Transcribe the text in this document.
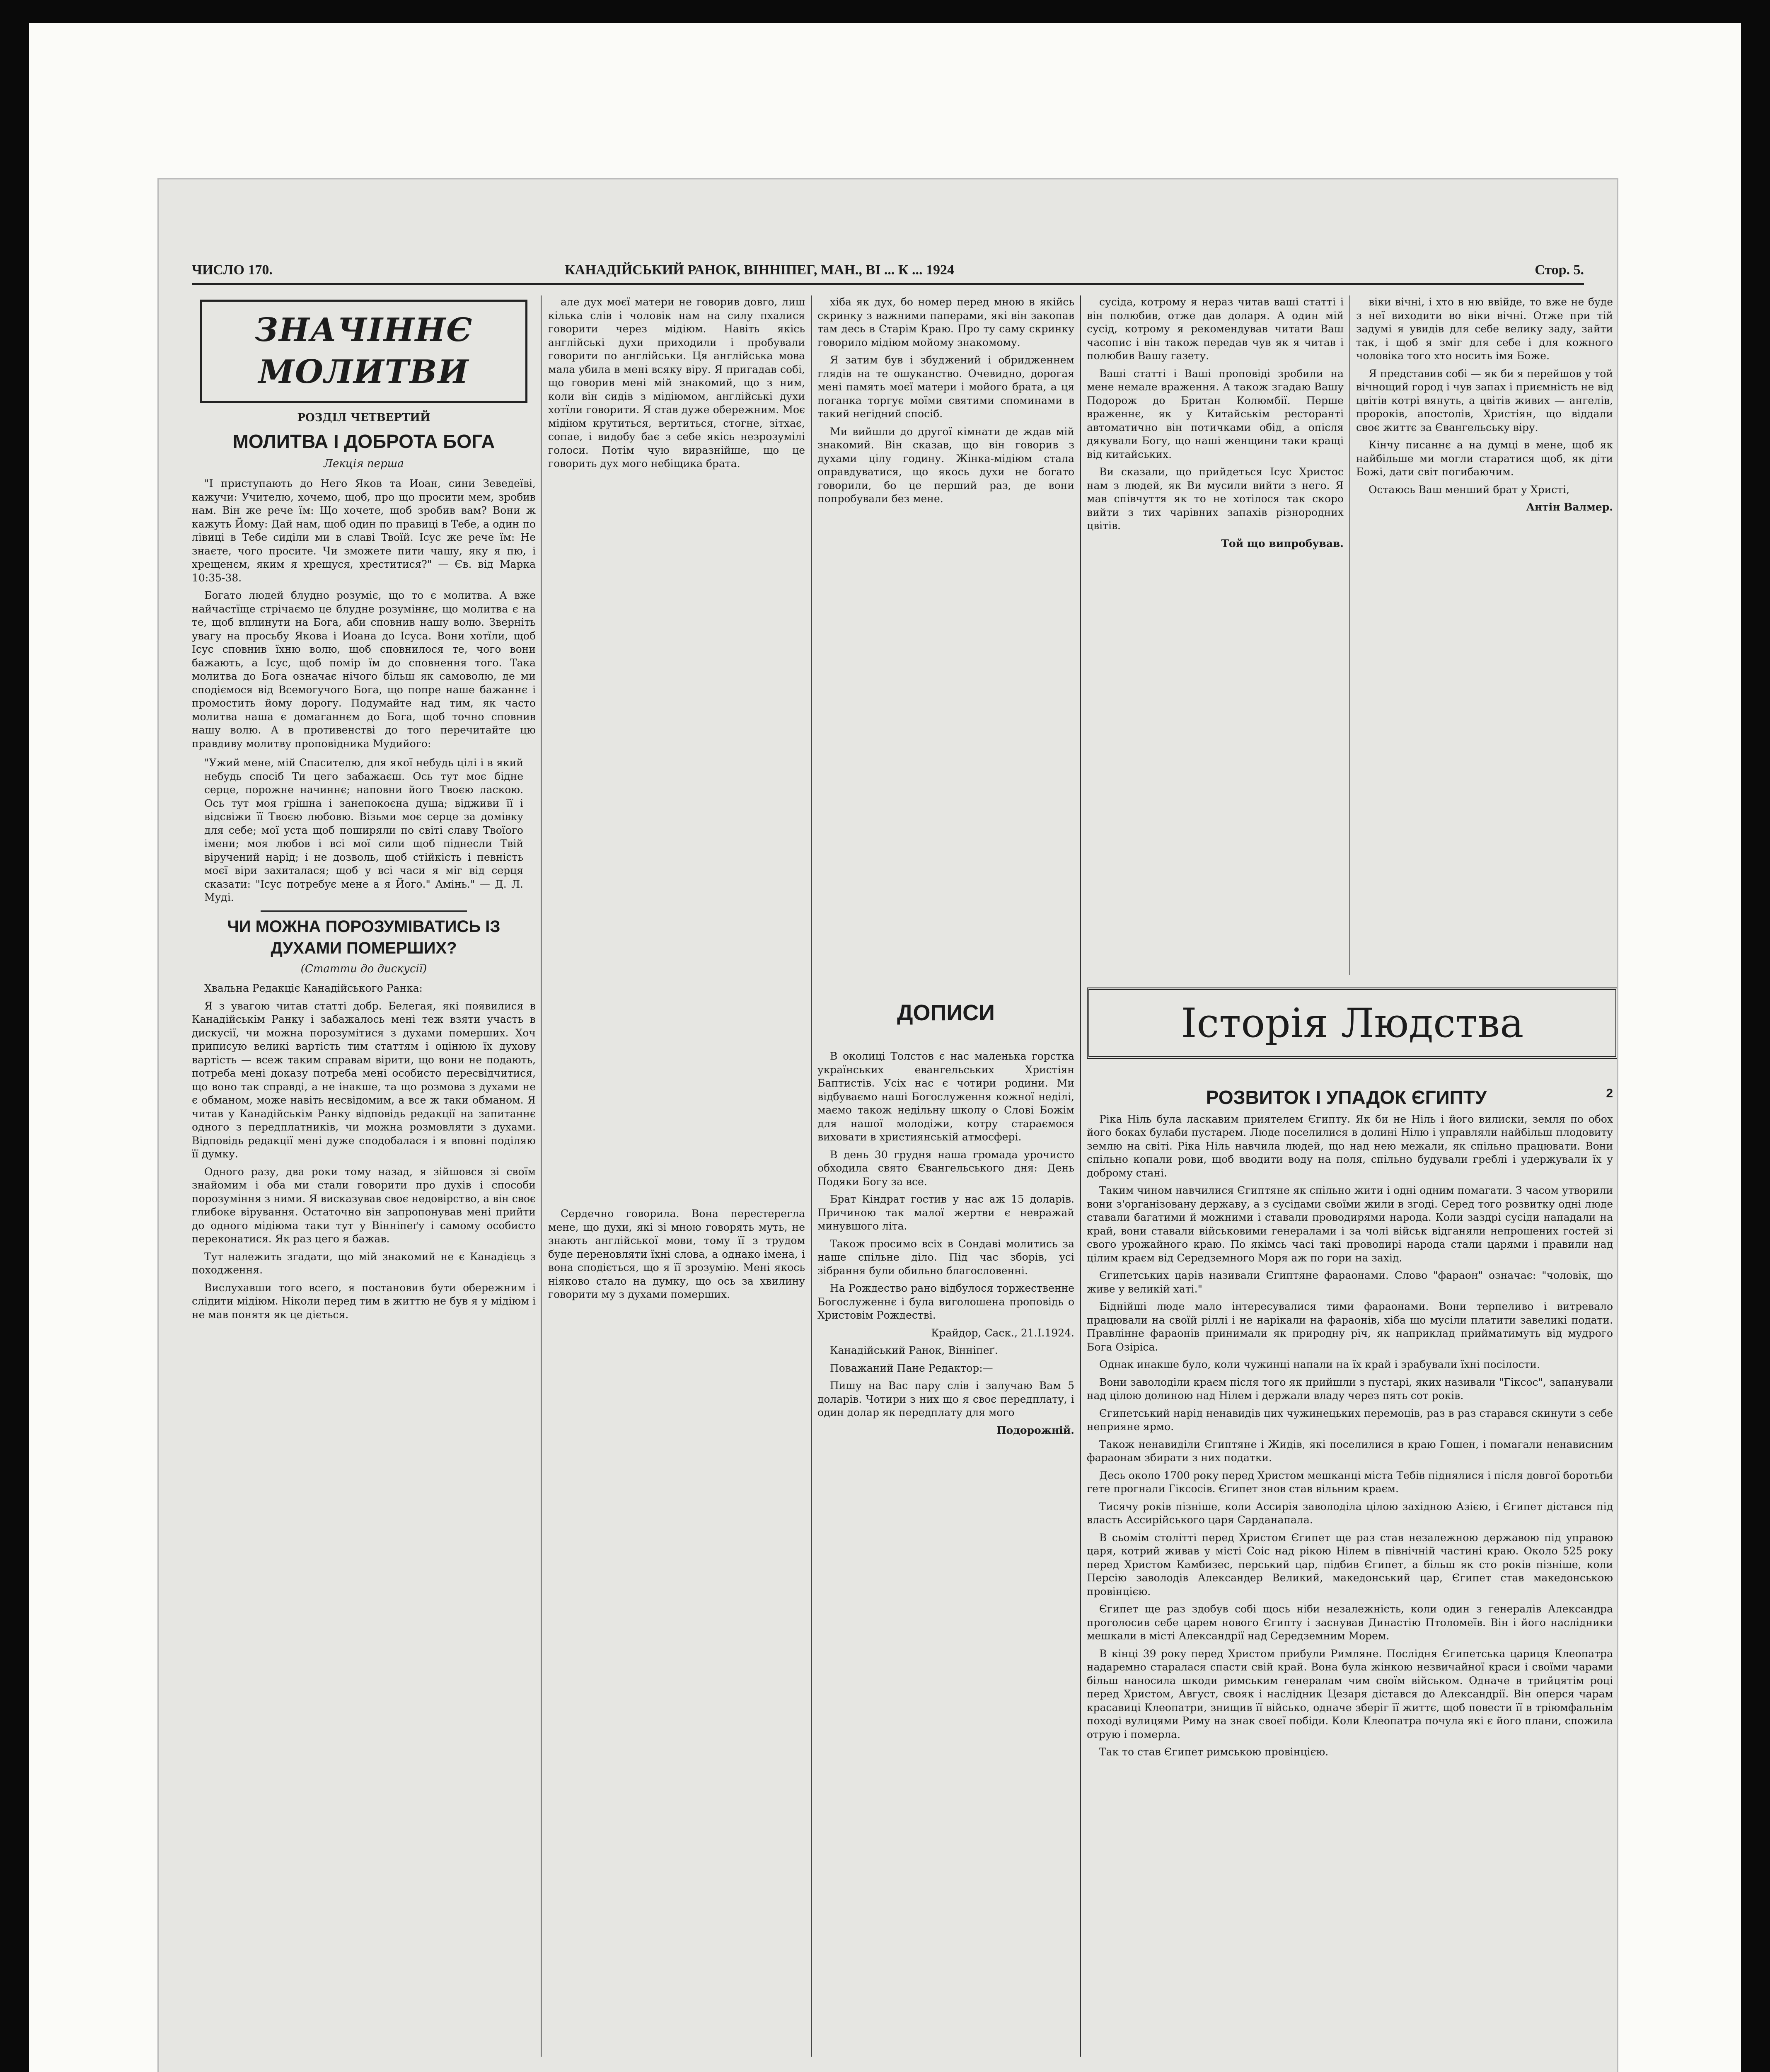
ЧИСЛО 170.	КАНАДІЙСЬКИЙ РАНОК, ВІННІПЕГ, МАН., ВІ ... К ... 1924	Стор. 5.
ЗНАЧІННЄ МОЛИТВИ
РОЗДІЛ ЧЕТВЕРТИЙ
МОЛИТВА І ДОБРОТА БОГА
Лекція перша

"І приступають до Него Яков та Иоан, сини Зеведеїві, кажучи: Учителю, хочемо, щоб, про що просити мем, зробив нам. Він же рече їм: Що хочете, щоб зробив вам? Вони ж кажуть Йому: Дай нам, щоб один по правиці в Тебе, а один по лівиці в Тебе сиділи ми в славі Твоїй. Ісус же рече їм: Не знаєте, чого просите. Чи зможете пити чашу, яку я пю, і хрещенєм, яким я хрещуся, хреститися?" — Єв. від Марка 10:35-38.

Богато людей блудно розуміє, що то є молитва. А вже найчастїще стрічаємо це блудне розуміннє, що молитва є на те, щоб вплинути на Бога, аби сповнив нашу волю. Зверніть увагу на просьбу Якова і Иоана до Ісуса. Вони хотїли, щоб Ісус сповнив їхню волю, щоб сповнилося те, чого вони бажають, а Ісус, щоб помір їм до сповнення того. Така молитва до Бога означає нічого більш як самоволю, де ми сподіємося від Всемогучого Бога, що попре наше бажаннє і промостить йому дорогу. Подумайте над тим, як часто молитва наша є домаганнєм до Бога, щоб точно сповнив нашу волю. А в противенстві до того перечитайте цю правдиву молитву проповідника Мудийого:

"Ужий мене, мій Спасителю, для якої небудь цілі і в який небудь спосіб Ти цего забажаєш. Ось тут моє бідне серце, порожне начиннє; наповни його Твоєю ласкою. Ось тут моя грішна і занепокоєна душа; відживи її і відсвіжи її Твоєю любовю. Візьми моє серце за домівку для себе; мої уста щоб поширяли по світі славу Твоїого імени; моя любов і всі мої сили щоб піднесли Твій віручений нарід; і не дозволь, щоб стійкість і певність моєї віри захиталася; щоб у всі часи я міг від серця сказати: "Ісус потребує мене а я Його." Амінь." — Д. Л. Муді.
ЧИ МОЖНА ПОРОЗУМІВАТИСЬ ІЗ ДУХАМИ ПОМЕРШИХ?
(Статти до дискусії)

Хвальна Редакціє Канадійського Ранка:

Я з увагою читав статті добр. Белегая, які появилися в Канадійськім Ранку і забажалось мені теж взяти участь в дискусії, чи можна порозумітися з духами померших. Хоч приписую великі вартість тим статтям і оцінюю їх духову вартість — всеж таким справам вірити, що вони не подають, потреба мені доказу потреба мені особисто пересвідчитися, що воно так справді, а не інакше, та що розмова з духами не є обманом, може навіть несвідомим, а все ж таки обманом. Я читав у Канадійськім Ранку відповідь редакції на запитаннє одного з передплатників, чи можна розмовляти з духами. Відповідь редакції мені дуже сподобалася і я вповні поділяю її думку.

Одного разу, два роки тому назад, я зійшовся зі своїм знайомим і оба ми стали говорити про духів і способи порозуміння з ними. Я висказував своє недовірство, а він своє глибоке вірування. Остаточно він запропонував мені прийти до одного мідіюма таки тут у Вінніпеґу і самому особисто переконатися. Як раз цего я бажав.

Тут належить згадати, що мій знакомий не є Канадієць з походження.

Вислухавши того всего, я постановив бути обережним і слідити мідіюм. Ніколи перед тим в життю не був я у мідіюм і не мав понятя як це діється.

але дух моєї матери не говорив довго, лиш кілька слів і чоловік нам на силу пхалися говорити через мідіюм. Навіть якісь англійські духи приходили і пробували говорити по англійськи. Ця англійська мова мала убила в мені всяку віру. Я пригадав собі, що говорив мені мій знакомий, що з ним, коли він сидів з мідіюмом, англійські духи хотїли говорити. Я став дуже обережним. Моє мідіюм крутиться, вертиться, стогне, зітхає, сопае, і видобу бає з себе якісь незрозумілі голоси. Потім чую виразнійше, що це говорить дух мого небіщика брата.

Сердечно говорила. Вона перестерегла мене, що духи, які зі мною говорять муть, не знають англійської мови, тому її з трудом буде переновляти їхні слова, а однако імена, і вона сподіється, що я її зрозумію. Мені якось ніяково стало на думку, що ось за хвилину говорити му з духами померших.

хіба як дух, бо номер перед мною в якійсь скринку з важними паперами, які він закопав там десь в Старім Краю. Про ту саму скринку говорило мідіюм мойому знакомому.

Я затим був і збуджений і обридженнем глядів на те ошуканство. Очевидно, дорогая мені память моєї матери і мойого брата, а ця поганка торгує моїми святими споминами в такий негідний спосіб.

Ми вийшли до другої кімнати де ждав мій знакомий. Він сказав, що він говорив з духами цілу годину. Жінка-мідіюм стала оправдуватися, що якось духи не богато говорили, бо це перший раз, де вони попробували без мене.

сусіда, котрому я нераз читав ваші статті і він полюбив, отже дав доларя. А один мій сусід, котрому я рекомендував читати Ваш часопис і він також передав чув як я читав і полюбив Вашу газету.

Ваші статті і Ваші проповіді зробили на мене немале враження. А також згадаю Вашу Подорож до Британ Колюмбії. Перше враженнє, як у Китайськім ресторанті автоматично він потичками обід, а опісля дякували Богу, що наші женщини таки кращі від китайських.

Ви сказали, що прийдеться Ісус Христос нам з людей, як Ви мусили вийти з него. Я мав співчуття як то не хотілося так скоро вийти з тих чарівних запахів різнородних цвітів.

Той що випробував.

віки вічні, і хто в ню ввійде, то вже не буде з неї виходити во віки вічні. Отже при тій задумі я увидів для себе велику заду, зайти так, і щоб я зміг для себе і для кожного чоловіка того хто носить імя Боже.

Я представив собі — як би я перейшов у той вічнощий город і чув запах і приємність не від цвітів котрі вянуть, а цвітів живих — ангелів, пророків, апостолів, Христіян, що віддали своє життє за Євангельську віру.

Кінчу писаннє а на думці в мене, щоб як найбільше ми могли старатися щоб, як діти Божі, дати світ погибаючим.

Остаюсь Ваш менший брат у Христі,

Антін Валмер.
ДОПИСИ

В околиці Толстов є нас маленька горстка українських евангельських Христіян Баптистів. Усіх нас є чотири родини. Ми відбуваємо наші Богослуження кожної неділі, маємо також недільну школу о Слові Божім для нашої молодіжи, котру стараємося виховати в християнській атмосфері.

В день 30 грудня наша громада урочисто обходила свято Євангельського дня: День Подяки Богу за все.

Брат Кіндрат гостив у нас аж 15 доларів. Причиною так малої жертви є невражай минувшого літа.

Також просимо всіх в Сондаві молитись за наше спільне діло. Під час зборів, усі зібрання були обильно благословенні.

На Рождество рано відбулося торжественне Богослуженнє і була виголошена проповідь о Христовім Рождестві.

Крайдор, Саск., 21.I.1924.

Канадійський Ранок, Вінніпеґ.

Поважаний Пане Редактор:—

Пишу на Вас пару слів і залучаю Вам 5 доларів. Чотири з них що я своє передплату, і один долар як передплату для мого

Подорожній.
Історія Людства
РОЗВИТОК І УПАДОК ЄГИПТУ	2

Ріка Ніль була ласкавим приятелем Єгипту. Як би не Ніль і його вилиски, земля по обох його боках булаби пустарем. Люде поселилися в долині Нілю і управляли найбільш плодовиту землю на світі. Ріка Ніль навчила людей, що над нею межали, як спільно працювати. Вони спільно копали рови, щоб вводити воду на поля, спільно будували греблі і удержували їх у доброму стані.

Таким чином навчилися Єгиптяне як спільно жити і одні одним помагати. З часом утворили вони з'організовану державу, а з сусідами своїми жили в згоді. Серед того розвитку одні люде ставали багатими й можними і ставали проводирями народа. Коли заздрі сусіди нападали на край, вони ставали військовими генералами і за чолі військ відганяли непрошених гостей зі свого урожайного краю. По якімсь часі такі проводирі народа стали царями і правили над цілим краєм від Середземного Моря аж по гори на захід.

Єгипетських царів називали Єгиптяне фараонами. Слово "фараон" означає: "чоловік, що живе у великій хаті."

Біднійші люде мало інтересувалися тими фараонами. Вони терпеливо і витревало працювали на своїй ріллі і не нарікали на фараонів, хіба що мусіли платити завеликі подати. Правлінне фараонів принимали як природну річ, як наприклад прийматимуть від мудрого Бога Озіріса.

Однак инакше було, коли чужинці напали на їх край і зрабували їхні посілости.

Вони заволоділи краєм після того як прийшли з пустарі, яких називали "Гіксос", запанували над цілою долиною над Нілем і держали владу через пять сот років.

Єгипетський нарід ненавидів цих чужинецьких перемоців, раз в раз старався скинути з себе неприяне ярмо.

Також ненавиділи Єгиптяне і Жидів, які поселилися в краю Гошен, і помагали ненависним фараонам збирати з них податки.

Десь около 1700 року перед Христом мешканці міста Тебів піднялися і після довгої боротьби гете прогнали Гіксосів. Єгипет знов став вільним краєм.

Тисячу років пізніше, коли Ассирія заволоділа цілою західною Азією, і Єгипет дістався під власть Ассирійського царя Сарданапала.

В сьомім столітті перед Христом Єгипет ще раз став незалежною державою під управою царя, котрий живав у місті Соіс над рікою Нілем в північній частині краю. Около 525 року перед Христом Камбизес, перський цар, підбив Єгипет, а більш як сто років пізніше, коли Персію заволодів Александер Великий, македонський цар, Єгипет став македонською провінцією.

Єгипет ще раз здобув собі щось ніби незалежність, коли один з генералів Александра проголосив себе царем нового Єгипту і заснував Династію Птоломеїв. Він і його наслідники мешкали в місті Александрії над Середземним Морем.

В кінці 39 року перед Христом прибули Римляне. Послідня Єгипетська цариця Клеопатра надаремно старалася спасти свій край. Вона була жінкою незвичайної краси і своїми чарами більш наносила шкоди римським генералам чим своїм військом. Одначе в трийцятім році перед Христом, Август, свояк і наслідник Цезаря дістався до Александрії. Він оперся чарам красавиці Клеопатри, знищив її військо, одначе зберіг її життє, щоб повести її в тріюмфальнім поході вулицями Риму на знак своєї побіди. Коли Клеопатра почула які є його плани, спожила отрую і померла.

Так то став Єгипет римською провінцією.
